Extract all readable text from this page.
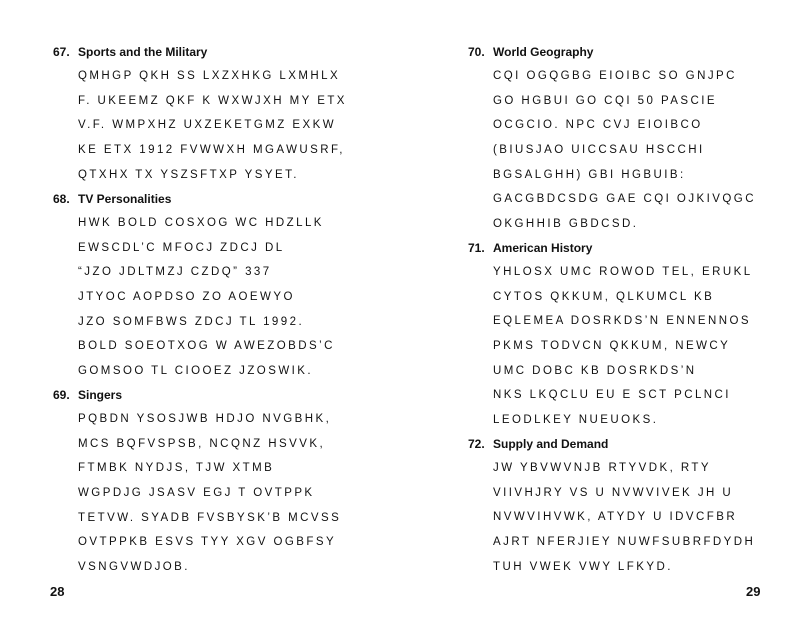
67. Sports and the Military
QMHGP QKH SS LXZXHKG LXMHLX
F. UKEEMZ QKF K WXWJXH MY ETX
V.F. WMPXHZ UXZEKETGMZ EXKW
KE ETX 1912 FVWWXH MGAWUSRF,
QTXHX TX YSZSFTXP YSYET.
68. TV Personalities
HWK BOLD COSXOG WC HDZLLK
EWSCDL’C MFOCJ ZDCJ DL
“JZO JDLTMZJ CZDQ” 337
JTYOC AOPDSO ZO AOEWYO
JZO SOMFBWS ZDCJ TL 1992.
BOLD SOEOTXOG W AWEZOBDS’C
GOMSOO TL CIOOEZ JZOSWIK.
69. Singers
PQBDN YSOSJWB HDJO NVGBHK,
MCS BQFVSPSB, NCQNZ HSVVK,
FTMBK NYDJS, TJW XTMB
WGPDJG JSASV EGJ T OVTPPK
TETVW. SYADB FVSBYSK’B MCVSS
OVTPPKB ESVS TYY XGV OGBFSY
VSNGVWDJOB.
28
70. World Geography
CQI OGQGBG EIOIBC SO GNJPC
GO HGBUI GO CQI 50 PASCIE
OCGCIO. NPC CVJ EIOIBCO
(BIUSJAO UICCSAU HSCCHI
BGSALGHH) GBI HGBUIB:
GACGBDCSDG GAE CQI OJKIVQGC
OKGHHIB GBDCSD.
71. American History
YHLOSX UMC ROWOD TEL, ERUKL
CYTOS QKKUM, QLKUMCL KB
EQLEMEA DOSRKDS’N ENNENNOS
PKMS TODVCN QKKUM, NEWCY
UMC DOBC KB DOSRKDS’N
NKS LKQCLU EU E SCT PCLNCI
LEODLKEY NUEUOKS.
72. Supply and Demand
JW YBVWVNJB RTYVDK, RTY
VIIVHJRY VS U NVWVIVEK JH U
NVWVIHVWK, ATYDY U IDVCFBR
AJRT NFERJIEY NUWFSUBRFDYDH
TUH VWEK VWY LFKYD.
29
